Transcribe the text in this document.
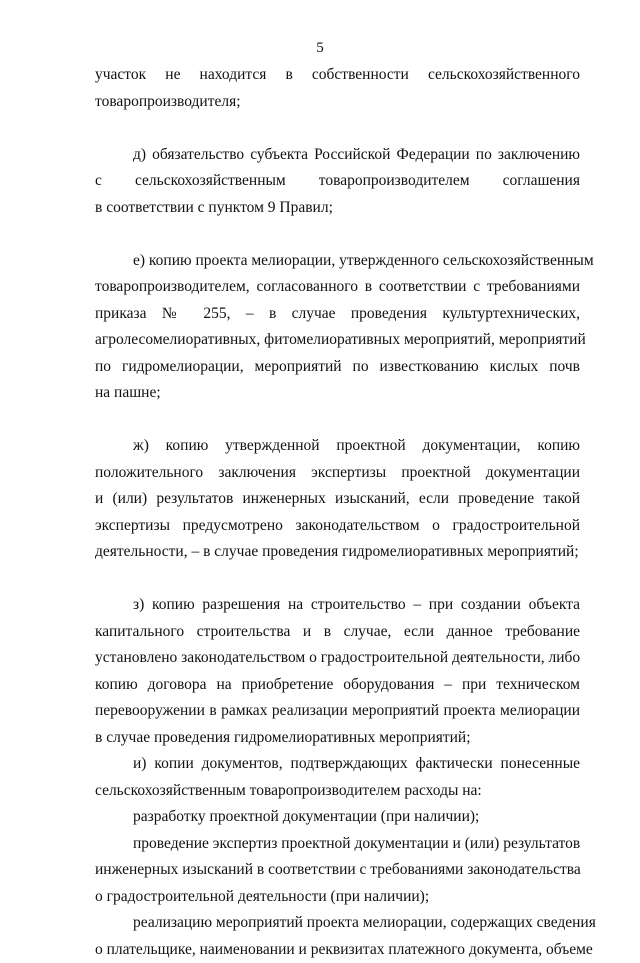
5
участок не находится в собственности сельскохозяйственного
товаропроизводителя;
д) обязательство субъекта Российской Федерации по заключению
с сельскохозяйственным товаропроизводителем соглашения
в соответствии с пунктом 9 Правил;
е) копию проекта мелиорации, утвержденного сельскохозяйственным
товаропроизводителем, согласованного в соответствии с требованиями
приказа № 255, – в случае проведения культуртехнических,
агролесомелиоративных, фитомелиоративных мероприятий, мероприятий
по гидромелиорации, мероприятий по известкованию кислых почв
на пашне;
ж) копию утвержденной проектной документации, копию
положительного заключения экспертизы проектной документации
и (или) результатов инженерных изысканий, если проведение такой
экспертизы предусмотрено законодательством о градостроительной
деятельности, – в случае проведения гидромелиоративных мероприятий;
з) копию разрешения на строительство – при создании объекта
капитального строительства и в случае, если данное требование
установлено законодательством о градостроительной деятельности, либо
копию договора на приобретение оборудования – при техническом
перевооружении в рамках реализации мероприятий проекта мелиорации
в случае проведения гидромелиоративных мероприятий;
и) копии документов, подтверждающих фактически понесенные
сельскохозяйственным товаропроизводителем расходы на:
разработку проектной документации (при наличии);
проведение экспертиз проектной документации и (или) результатов
инженерных изысканий в соответствии с требованиями законодательства
о градостроительной деятельности (при наличии);
реализацию мероприятий проекта мелиорации, содержащих сведения
о плательщике, наименовании и реквизитах платежного документа, объеме
